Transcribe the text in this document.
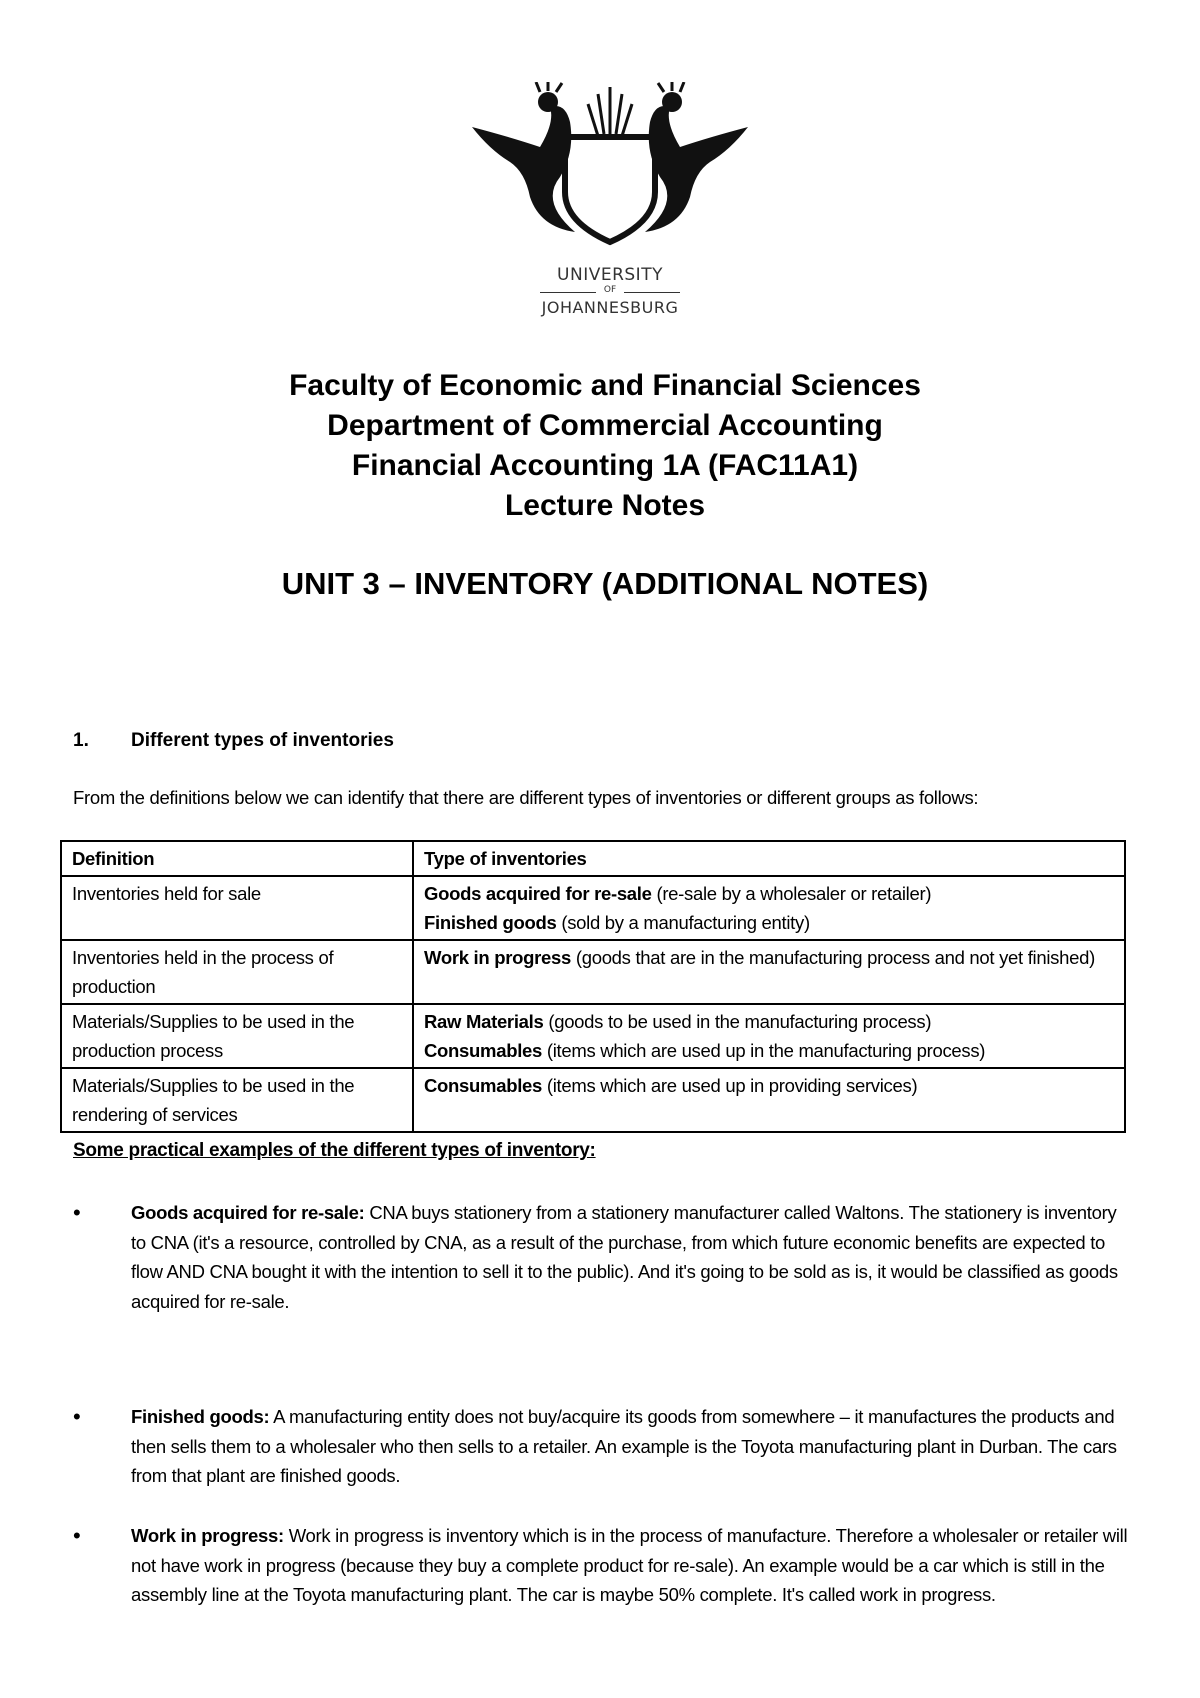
UNIVERSITY
OF
JOHANNESBURG
Faculty of Economic and Financial Sciences
Department of Commercial Accounting
Financial Accounting 1A (FAC11A1)
Lecture Notes
UNIT 3 – INVENTORY (ADDITIONAL NOTES)
1. Different types of inventories
From the definitions below we can identify that there are different types of inventories or different groups as follows:
Definition	Type of inventories
Inventories held for sale	Goods acquired for re-sale (re-sale by a wholesaler or retailer)
Finished goods (sold by a manufacturing entity)

Inventories held in the process of production	Work in progress (goods that are in the manufacturing process and not yet finished)

Materials/Supplies to be used in the production process	Raw Materials (goods to be used in the manufacturing process)
Consumables (items which are used up in the manufacturing process)

Materials/Supplies to be used in the rendering of services	Consumables (items which are used up in providing services)
Some practical examples of the different types of inventory:
•	Goods acquired for re-sale: CNA buys stationery from a stationery manufacturer called Waltons. The stationery is inventory to CNA (it's a resource, controlled by CNA, as a result of the purchase, from which future economic benefits are expected to flow AND CNA bought it with the intention to sell it to the public). And it's going to be sold as is, it would be classified as goods acquired for re-sale.
•	Finished goods: A manufacturing entity does not buy/acquire its goods from somewhere – it manufactures the products and then sells them to a wholesaler who then sells to a retailer. An example is the Toyota manufacturing plant in Durban. The cars from that plant are finished goods.
•	Work in progress: Work in progress is inventory which is in the process of manufacture. Therefore a wholesaler or retailer will not have work in progress (because they buy a complete product for re-sale). An example would be a car which is still in the assembly line at the Toyota manufacturing plant. The car is maybe 50% complete. It's called work in progress.
